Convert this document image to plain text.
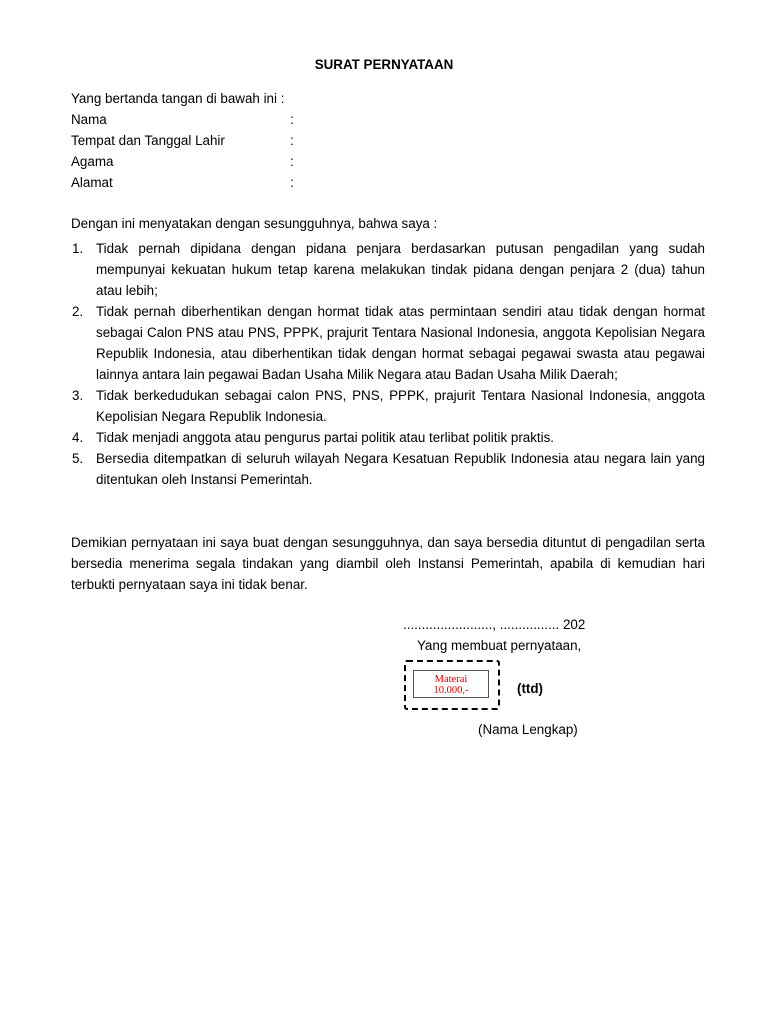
SURAT PERNYATAAN
Yang bertanda tangan di bawah ini :
Nama	:
Tempat dan Tanggal Lahir	:
Agama	:
Alamat	:
Dengan ini menyatakan dengan sesungguhnya, bahwa saya :
1. Tidak pernah dipidana dengan pidana penjara berdasarkan putusan pengadilan yang sudah mempunyai kekuatan hukum tetap karena melakukan tindak pidana dengan penjara 2 (dua) tahun atau lebih;
2. Tidak pernah diberhentikan dengan hormat tidak atas permintaan sendiri atau tidak dengan hormat sebagai Calon PNS atau PNS, PPPK, prajurit Tentara Nasional Indonesia, anggota Kepolisian Negara Republik Indonesia, atau diberhentikan tidak dengan hormat sebagai pegawai swasta atau pegawai lainnya antara lain pegawai Badan Usaha Milik Negara atau Badan Usaha Milik Daerah;
3. Tidak berkedudukan sebagai calon PNS, PNS, PPPK, prajurit Tentara Nasional Indonesia, anggota Kepolisian Negara Republik Indonesia.
4. Tidak menjadi anggota atau pengurus partai politik atau terlibat politik praktis.
5. Bersedia ditempatkan di seluruh wilayah Negara Kesatuan Republik Indonesia atau negara lain yang ditentukan oleh Instansi Pemerintah.
Demikian pernyataan ini saya buat dengan sesungguhnya, dan saya bersedia dituntut di pengadilan serta bersedia menerima segala tindakan yang diambil oleh Instansi Pemerintah, apabila di kemudian hari terbukti pernyataan saya ini tidak benar.
........................, ................ 202
Yang membuat pernyataan,
Materai
10.000,-	(ttd)
(Nama Lengkap)
